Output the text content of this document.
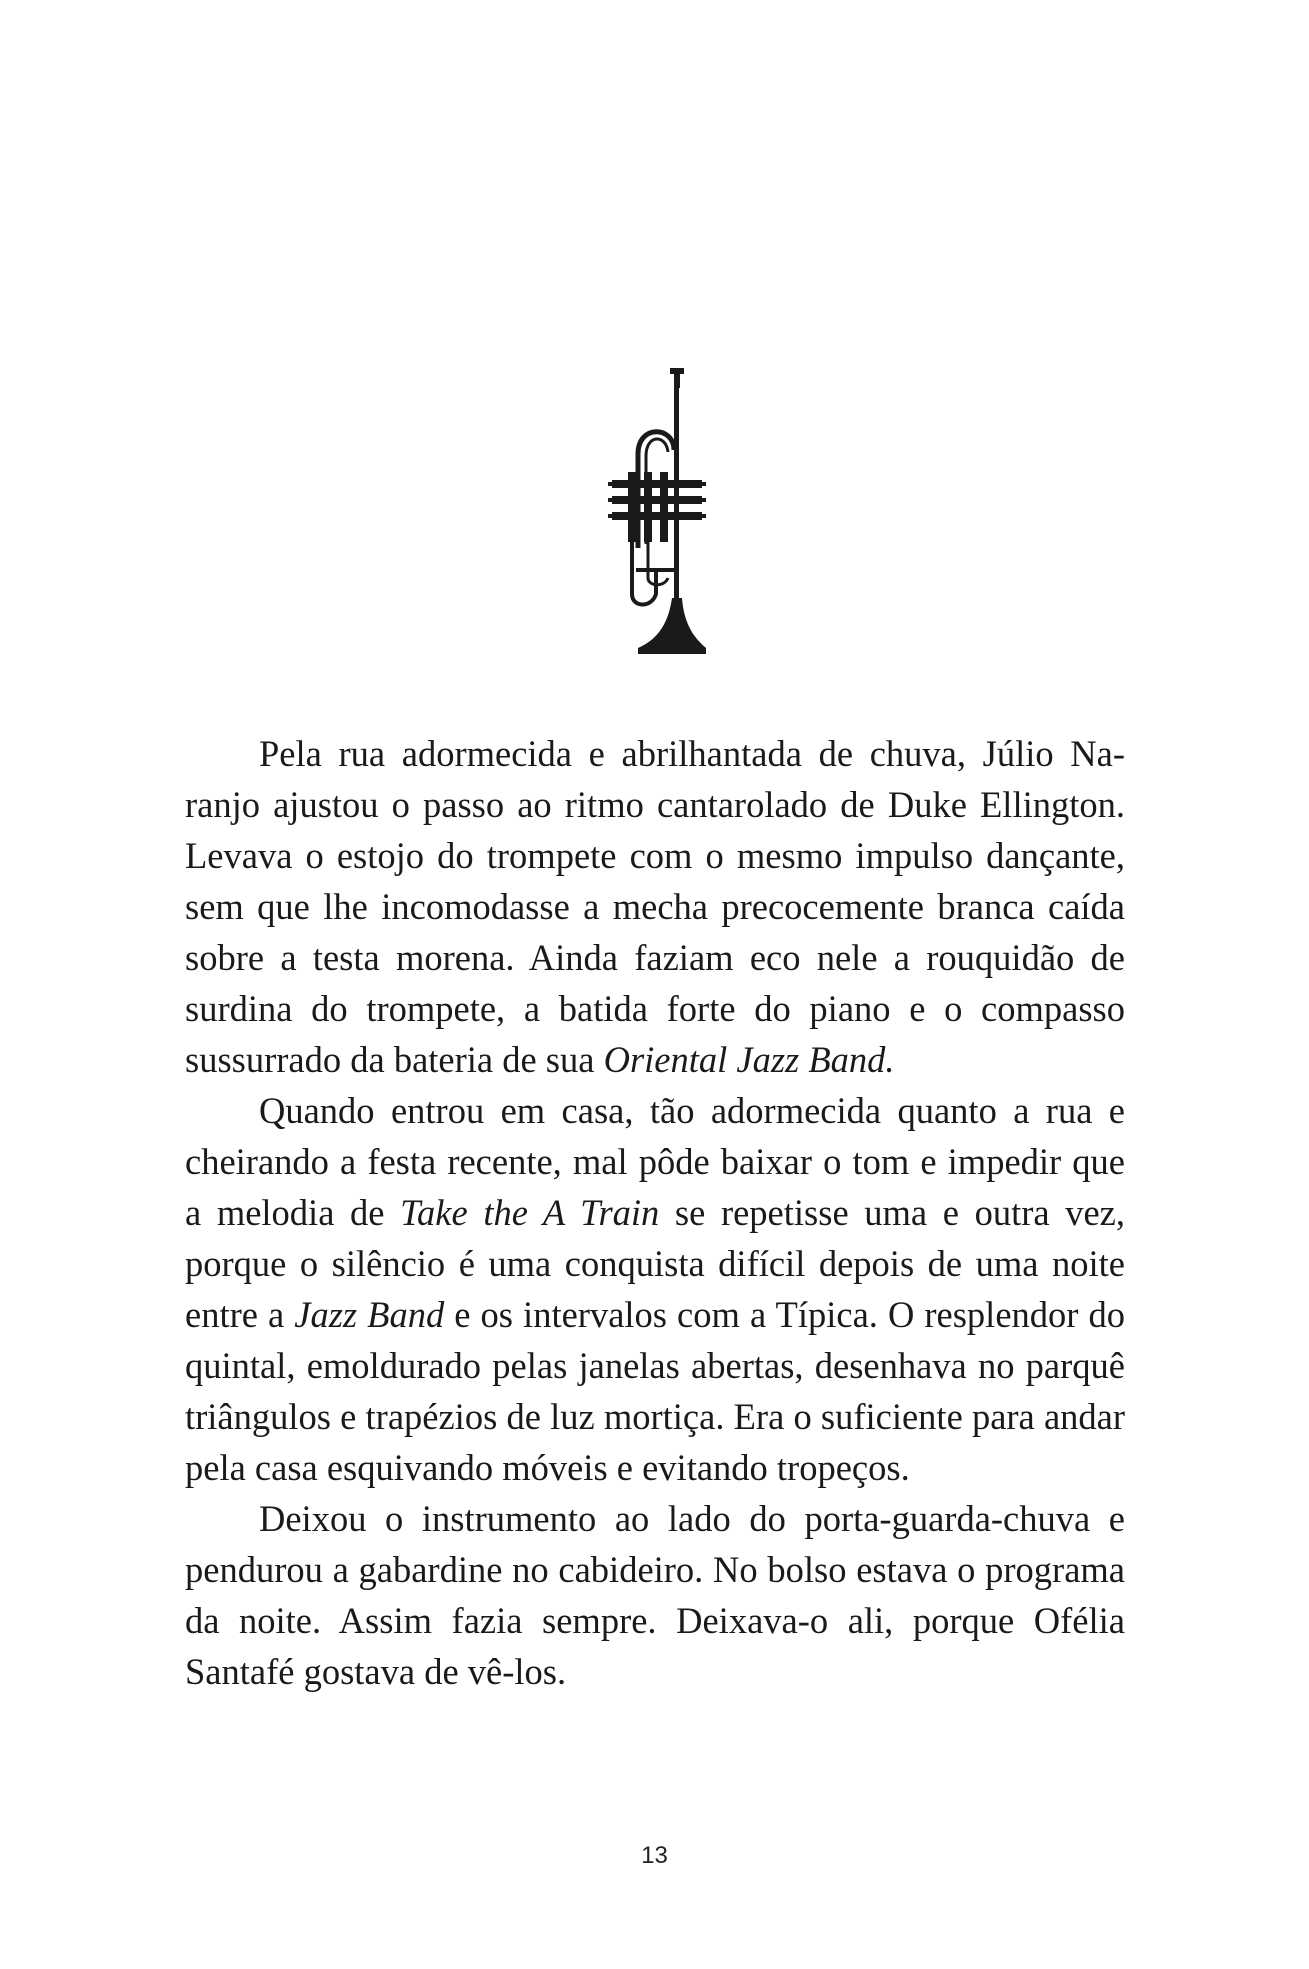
Pela rua adormecida e abrilhantada de chuva, Júlio Naranjo ajustou o passo ao ritmo cantarolado de Duke Ellington. Levava o estojo do trompete com o mesmo impulso dançante, sem que lhe incomodasse a mecha precocemente branca caída sobre a testa morena. Ainda faziam eco nele a rouquidão de surdina do trompete, a batida forte do piano e o compasso sussurrado da bateria de sua Oriental Jazz Band.

Quando entrou em casa, tão adormecida quanto a rua e cheirando a festa recente, mal pôde baixar o tom e impedir que a melodia de Take the A Train se repetisse uma e outra vez, porque o silêncio é uma conquista difícil depois de uma noite entre a Jazz Band e os intervalos com a Típica. O resplendor do quintal, emoldurado pelas janelas abertas, desenhava no parquê triângulos e trapézios de luz mortiça. Era o suficiente para andar pela casa esquivando móveis e evitando tropeços.

Deixou o instrumento ao lado do porta-guarda-chuva e pendurou a gabardine no cabideiro. No bolso estava o programa da noite. Assim fazia sempre. Deixava-o ali, porque Ofélia Santafé gostava de vê-los.

13
